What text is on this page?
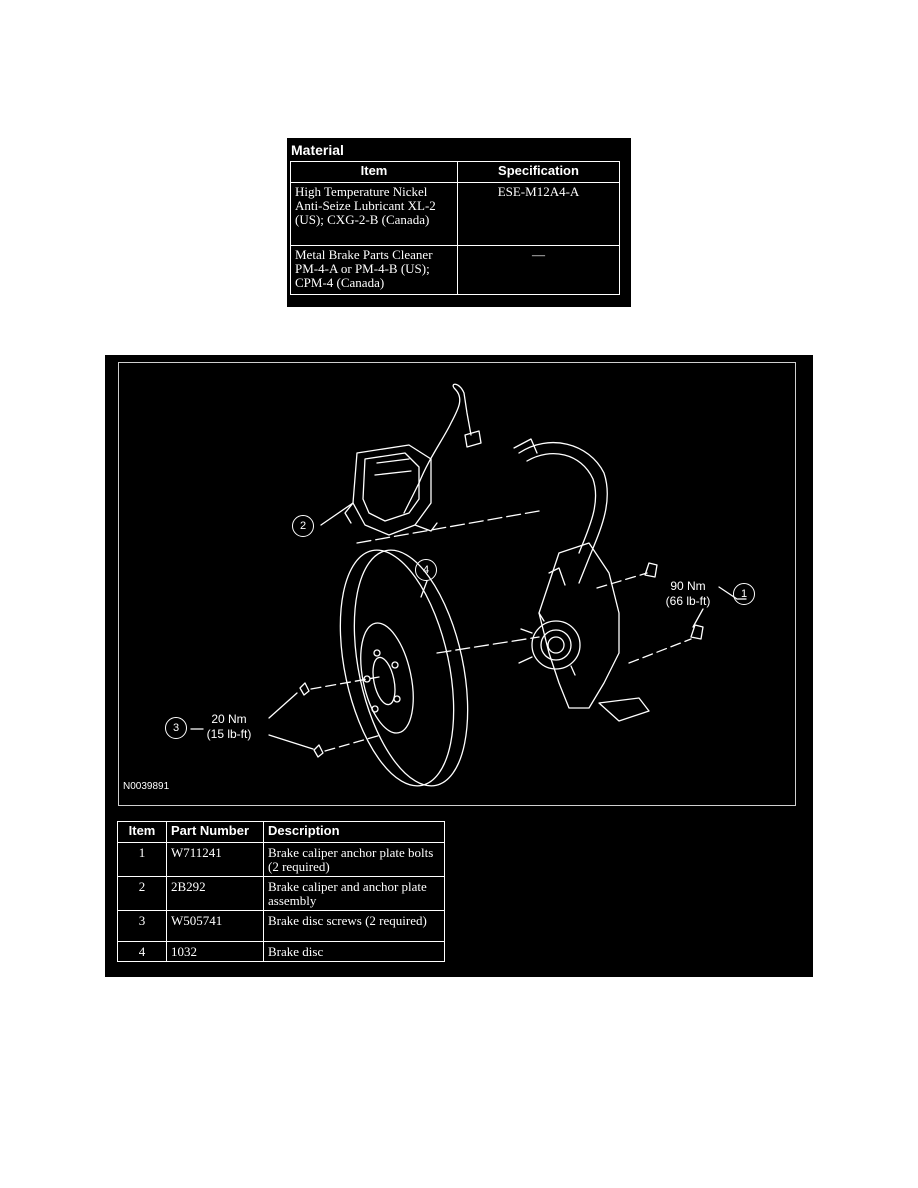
Material
Item	Specification
High Temperature Nickel Anti-Seize Lubricant XL-2 (US); CXG-2-B (Canada)	ESE-M12A4-A
Metal Brake Parts Cleaner PM-4-A or PM-4-B (US); CPM-4 (Canada)	—
2
4
1
3
90 Nm
(66 lb-ft)
20 Nm
(15 lb-ft)
N0039891
Item	Part Number	Description
1	W711241	Brake caliper anchor plate bolts (2 required)
2	2B292	Brake caliper and anchor plate assembly
3	W505741	Brake disc screws (2 required)
4	1032	Brake disc
